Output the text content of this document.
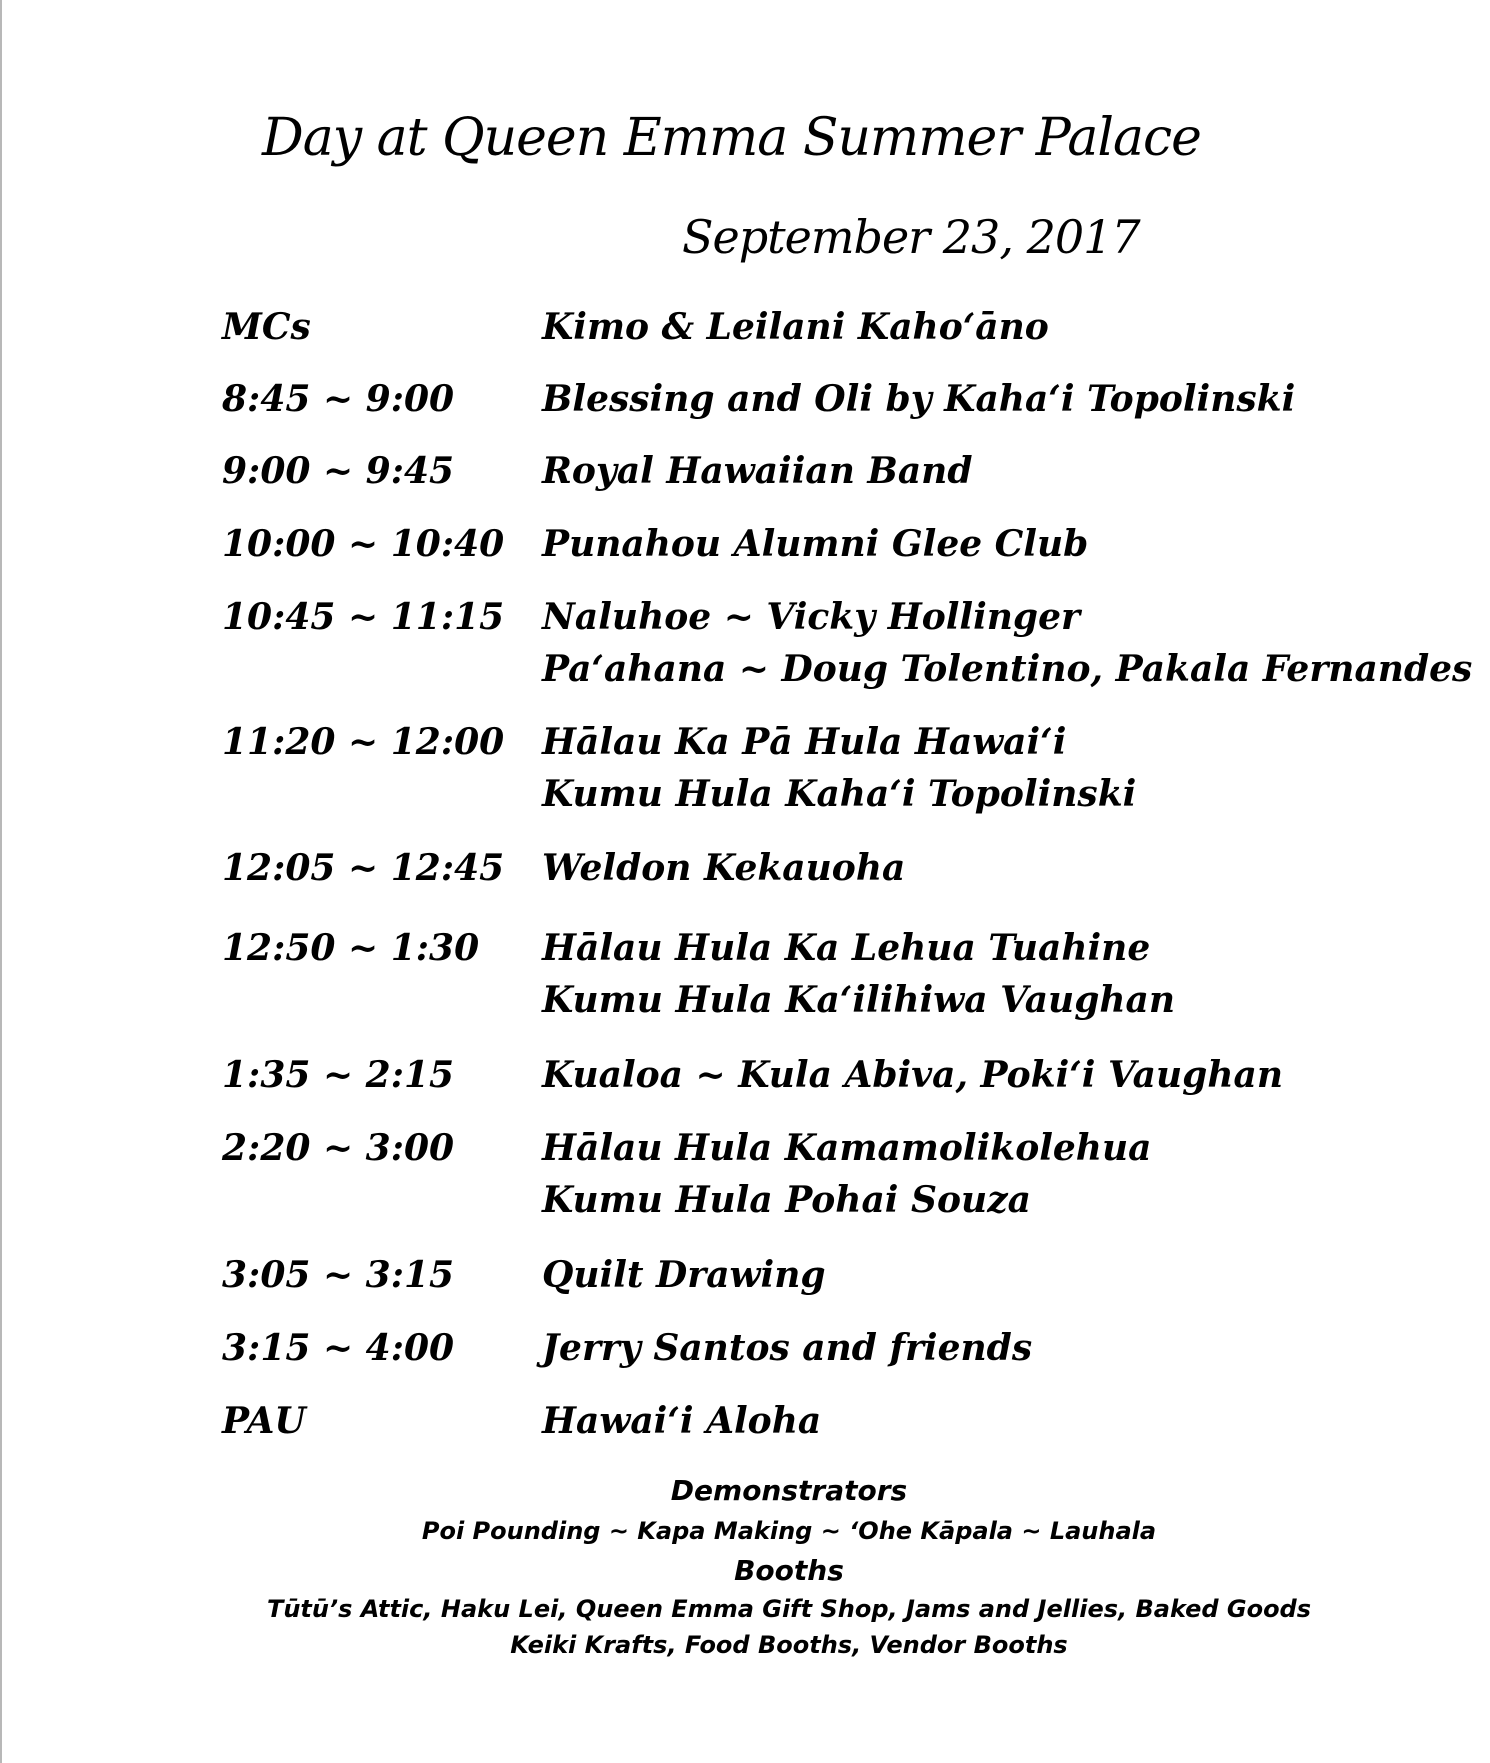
Day at Queen Emma Summer Palace
September 23, 2017
MCs	Kimo & Leilani Kaho‘āno
8:45 ~ 9:00 Blessing and Oli by Kaha‘i Topolinski
9:00 ~ 9:45 Royal Hawaiian Band
10:00 ~ 10:40 Punahou Alumni Glee Club
10:45 ~ 11:15 Naluhoe ~ Vicky Hollinger
Pa‘ahana ~ Doug Tolentino, Pakala Fernandes
11:20 ~ 12:00 Hālau Ka Pā Hula Hawai‘i
Kumu Hula Kaha‘i Topolinski
12:05 ~ 12:45 Weldon Kekauoha
12:50 ~ 1:30 Hālau Hula Ka Lehua Tuahine
Kumu Hula Ka‘ilihiwa Vaughan
1:35 ~ 2:15 Kualoa ~ Kula Abiva, Poki‘i Vaughan
2:20 ~ 3:00 Hālau Hula Kamamolikolehua
Kumu Hula Pohai Souza
3:05 ~ 3:15 Quilt Drawing
3:15 ~ 4:00 Jerry Santos and friends
PAU	Hawai‘i Aloha
Demonstrators
Poi Pounding ~ Kapa Making ~ ‘Ohe Kāpala ~ Lauhala
Booths
Tūtū’s Attic, Haku Lei, Queen Emma Gift Shop, Jams and Jellies, Baked Goods
Keiki Krafts, Food Booths, Vendor Booths
